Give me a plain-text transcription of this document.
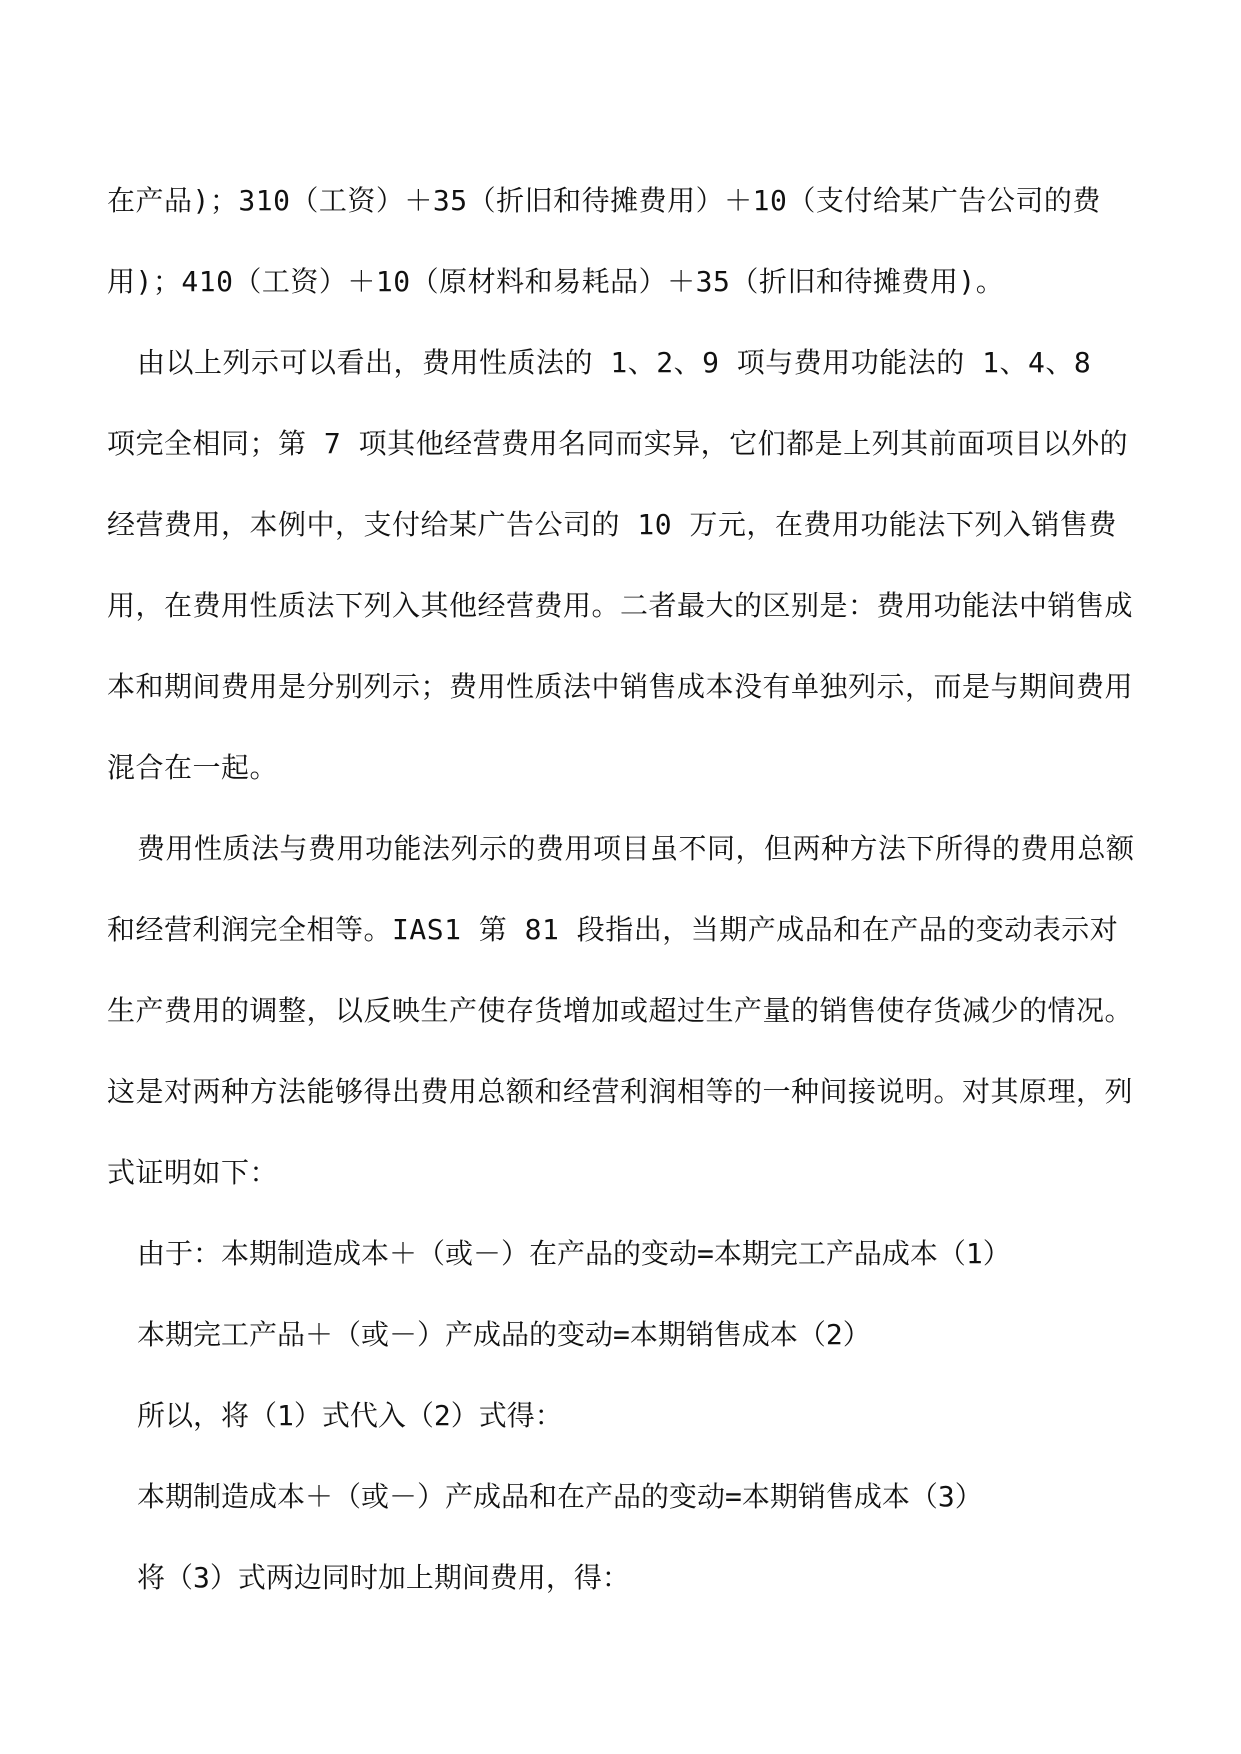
在产品)；310（工资）＋35（折旧和待摊费用）＋10（支付给某广告公司的费用)；410（工资）＋10（原材料和易耗品）＋35（折旧和待摊费用)。

由以上列示可以看出，费用性质法的 1、2、9 项与费用功能法的 1、4、8 项完全相同；第 7 项其他经营费用名同而实异，它们都是上列其前面项目以外的经营费用，本例中，支付给某广告公司的 10 万元，在费用功能法下列入销售费用，在费用性质法下列入其他经营费用。二者最大的区别是：费用功能法中销售成本和期间费用是分别列示；费用性质法中销售成本没有单独列示，而是与期间费用混合在一起。

费用性质法与费用功能法列示的费用项目虽不同，但两种方法下所得的费用总额和经营利润完全相等。IAS1 第 81 段指出，当期产成品和在产品的变动表示对生产费用的调整，以反映生产使存货增加或超过生产量的销售使存货减少的情况。这是对两种方法能够得出费用总额和经营利润相等的一种间接说明。对其原理，列式证明如下：

由于：本期制造成本＋（或－）在产品的变动=本期完工产品成本（1）

本期完工产品＋（或－）产成品的变动=本期销售成本（2）

所以，将（1）式代入（2）式得：

本期制造成本＋（或－）产成品和在产品的变动=本期销售成本（3）

将（3）式两边同时加上期间费用，得：
